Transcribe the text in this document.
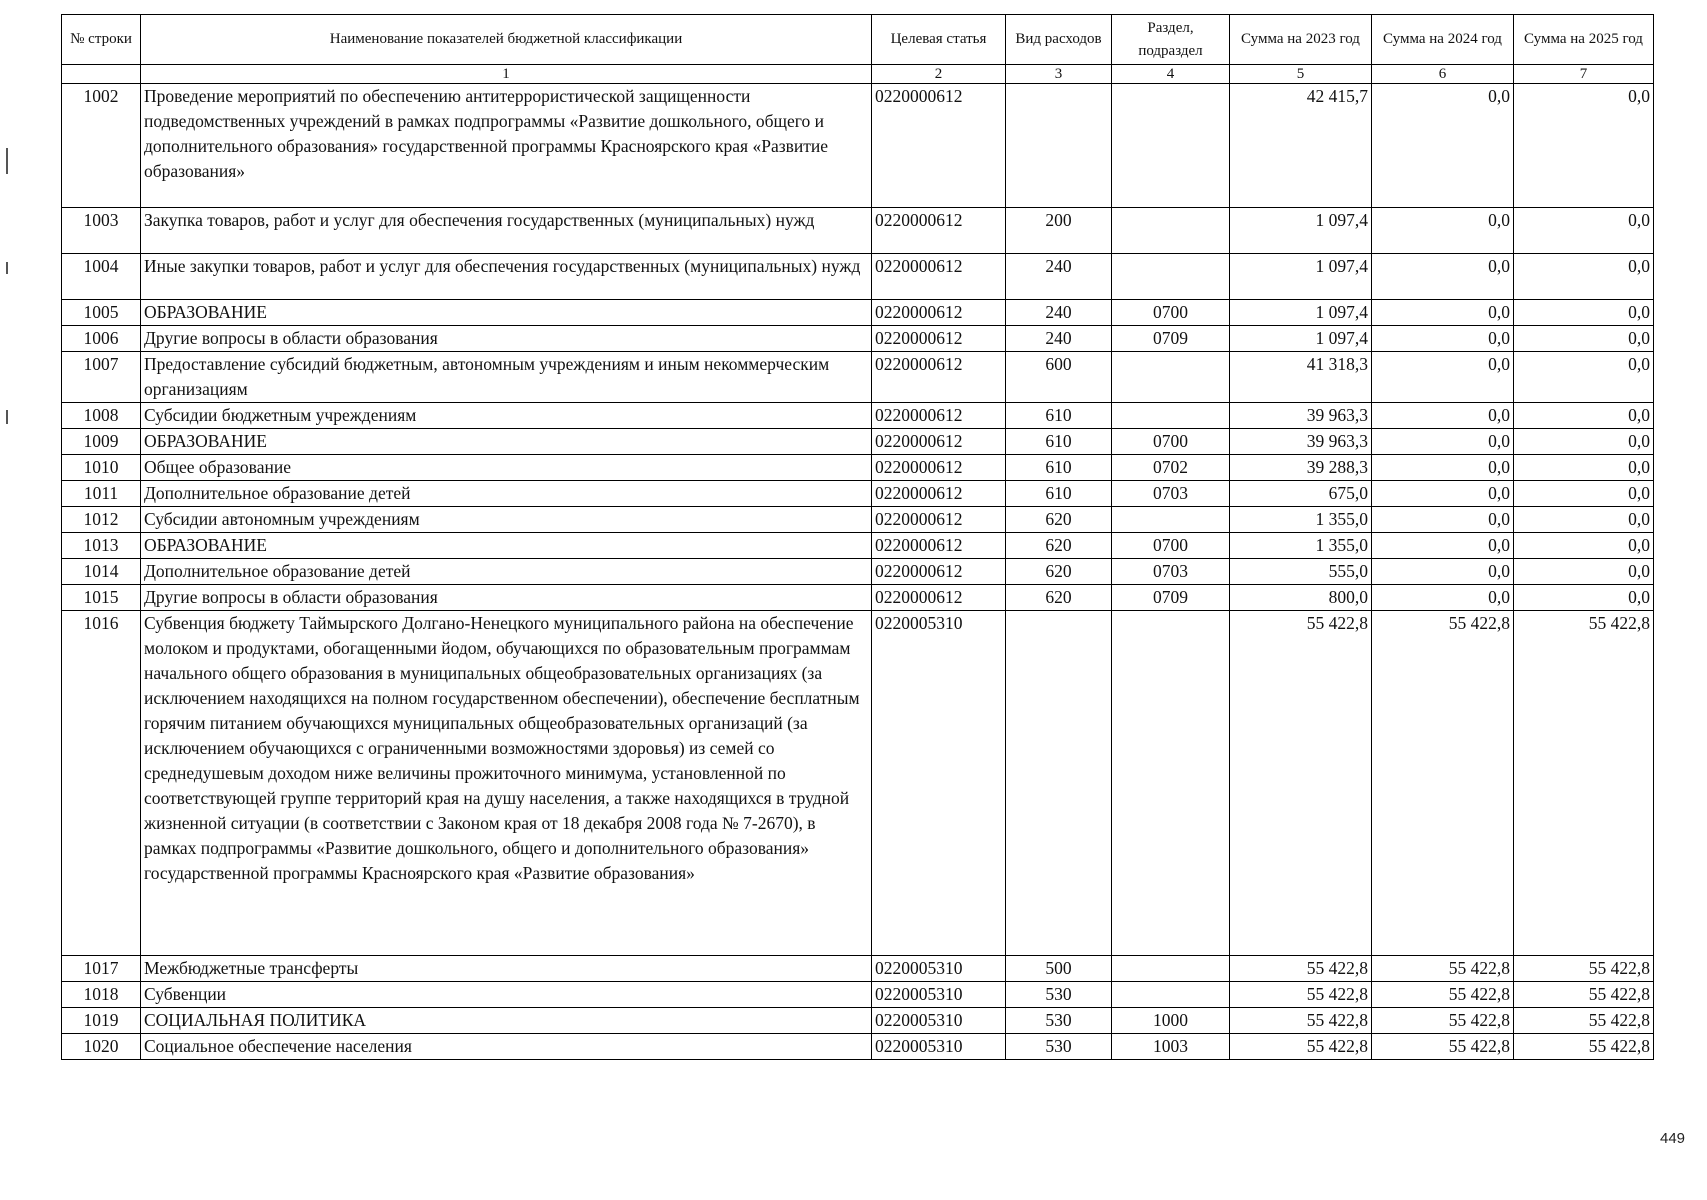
№ строки	Наименование показателей бюджетной классификации	Целевая статья	Вид расходов	Раздел, подраздел	Сумма на 2023 год	Сумма на 2024 год	Сумма на 2025 год
	1	2	3	4	5	6	7
1002	Проведение мероприятий по обеспечению антитеррористической защищенности подведомственных учреждений в рамках подпрограммы «Развитие дошкольного, общего и дополнительного образования» государственной программы Красноярского края «Развитие образования»	0220000612			42 415,7	0,0	0,0
1003	Закупка товаров, работ и услуг для обеспечения государственных (муниципальных) нужд	0220000612	200		1 097,4	0,0	0,0
1004	Иные закупки товаров, работ и услуг для обеспечения государственных (муниципальных) нужд	0220000612	240		1 097,4	0,0	0,0
1005	ОБРАЗОВАНИЕ	0220000612	240	0700	1 097,4	0,0	0,0
1006	Другие вопросы в области образования	0220000612	240	0709	1 097,4	0,0	0,0
1007	Предоставление субсидий бюджетным, автономным учреждениям и иным некоммерческим организациям	0220000612	600		41 318,3	0,0	0,0
1008	Субсидии бюджетным учреждениям	0220000612	610		39 963,3	0,0	0,0
1009	ОБРАЗОВАНИЕ	0220000612	610	0700	39 963,3	0,0	0,0
1010	Общее образование	0220000612	610	0702	39 288,3	0,0	0,0
1011	Дополнительное образование детей	0220000612	610	0703	675,0	0,0	0,0
1012	Субсидии автономным учреждениям	0220000612	620		1 355,0	0,0	0,0
1013	ОБРАЗОВАНИЕ	0220000612	620	0700	1 355,0	0,0	0,0
1014	Дополнительное образование детей	0220000612	620	0703	555,0	0,0	0,0
1015	Другие вопросы в области образования	0220000612	620	0709	800,0	0,0	0,0
1016	Субвенция бюджету Таймырского Долгано-Ненецкого муниципального района на обеспечение молоком и продуктами, обогащенными йодом, обучающихся по образовательным программам начального общего образования в муниципальных общеобразовательных организациях (за исключением находящихся на полном государственном обеспечении), обеспечение бесплатным горячим питанием обучающихся муниципальных общеобразовательных организаций (за исключением обучающихся с ограниченными возможностями здоровья) из семей со среднедушевым доходом ниже величины прожиточного минимума, установленной по соответствующей группе территорий края на душу населения, а также находящихся в трудной жизненной ситуации (в соответствии с Законом края от 18 декабря 2008 года № 7-2670), в рамках подпрограммы «Развитие дошкольного, общего и дополнительного образования» государственной программы Красноярского края «Развитие образования»	0220005310			55 422,8	55 422,8	55 422,8
1017	Межбюджетные трансферты	0220005310	500		55 422,8	55 422,8	55 422,8
1018	Субвенции	0220005310	530		55 422,8	55 422,8	55 422,8
1019	СОЦИАЛЬНАЯ ПОЛИТИКА	0220005310	530	1000	55 422,8	55 422,8	55 422,8
1020	Социальное обеспечение населения	0220005310	530	1003	55 422,8	55 422,8	55 422,8
449
